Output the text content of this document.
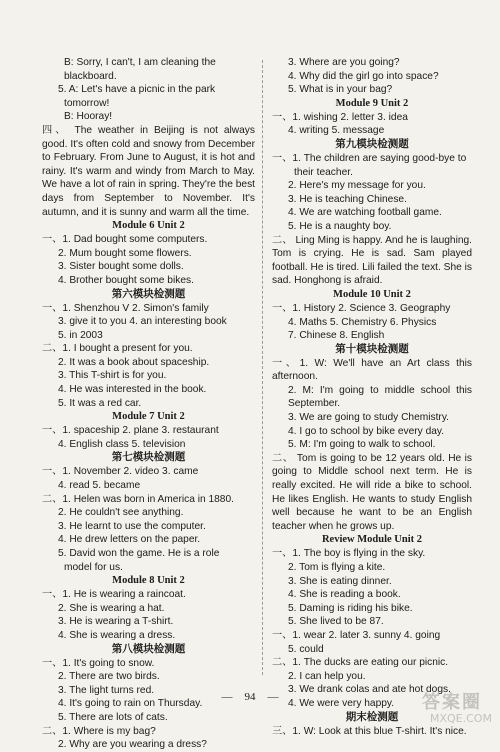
B: Sorry, I can't, I am cleaning the
blackboard.
5. A: Let's have a picnic in the park
tomorrow!
B: Hooray!
四、 The weather in Beijing is not always good. It's often cold and snowy from December to February. From June to August, it is hot and rainy. It's warm and windy from March to May. We have a lot of rain in spring. They're the best days from September to November. It's autumn, and it is sunny and warm all the time.
Module 6 Unit 2
一、1. Dad bought some computers.
2. Mum bought some flowers.
3. Sister bought some dolls.
4. Brother bought some bikes.
第六模块检测题
一、1. Shenzhou V 2. Simon's family
3. give it to you 4. an interesting book
5. in 2003
二、1. I bought a present for you.
2. It was a book about spaceship.
3. This T-shirt is for you.
4. He was interested in the book.
5. It was a red car.
Module 7 Unit 2
一、1. spaceship 2. plane 3. restaurant
4. English class 5. television
第七模块检测题
一、1. November 2. video 3. came
4. read 5. became
二、1. Helen was born in America in 1880.
2. He couldn't see anything.
3. He learnt to use the computer.
4. He drew letters on the paper.
5. David won the game. He is a role
model for us.
Module 8 Unit 2
一、1. He is wearing a raincoat.
2. She is wearing a hat.
3. He is wearing a T-shirt.
4. She is wearing a dress.
第八模块检测题
一、1. It's going to snow.
2. There are two birds.
3. The light turns red.
4. It's going to rain on Thursday.
5. There are lots of cats.
二、1. Where is my bag?
2. Why are you wearing a dress?
3. Where are you going?
4. Why did the girl go into space?
5. What is in your bag?
Module 9 Unit 2
一、1. wishing 2. letter 3. idea
4. writing 5. message
第九模块检测题
一、1. The children are saying good-bye to
their teacher.
2. Here's my message for you.
3. He is teaching Chinese.
4. We are watching football game.
5. He is a naughty boy.
二、 Ling Ming is happy. And he is laughing. Tom is crying. He is sad. Sam played football. He is tired. Lili failed the text. She is sad. Honghong is afraid.
Module 10 Unit 2
一、1. History 2. Science 3. Geography
4. Maths 5. Chemistry 6. Physics
7. Chinese 8. English
第十模块检测题
一、1. W: We'll have an Art class this afternoon.
2. M: I'm going to middle school this September.
3. We are going to study Chemistry.
4. I go to school by bike every day.
5. M: I'm going to walk to school.
二、 Tom is going to be 12 years old. He is going to Middle school next term. He is really excited. He will ride a bike to school. He likes English. He wants to study English well because he want to be an English teacher when he grows up.
Review Module Unit 2
一、1. The boy is flying in the sky.
2. Tom is flying a kite.
3. She is eating dinner.
4. She is reading a book.
5. Daming is riding his bike.
5. She lived to be 87.
一、1. wear 2. later 3. sunny 4. going
5. could
二、1. The ducks are eating our picnic.
2. I can help you.
3. We drank colas and ate hot dogs.
4. We were very happy.
期末检测题
三、1. W: Look at this blue T-shirt. It's nice.
— 94 —	答案圈
MXQE.COM
